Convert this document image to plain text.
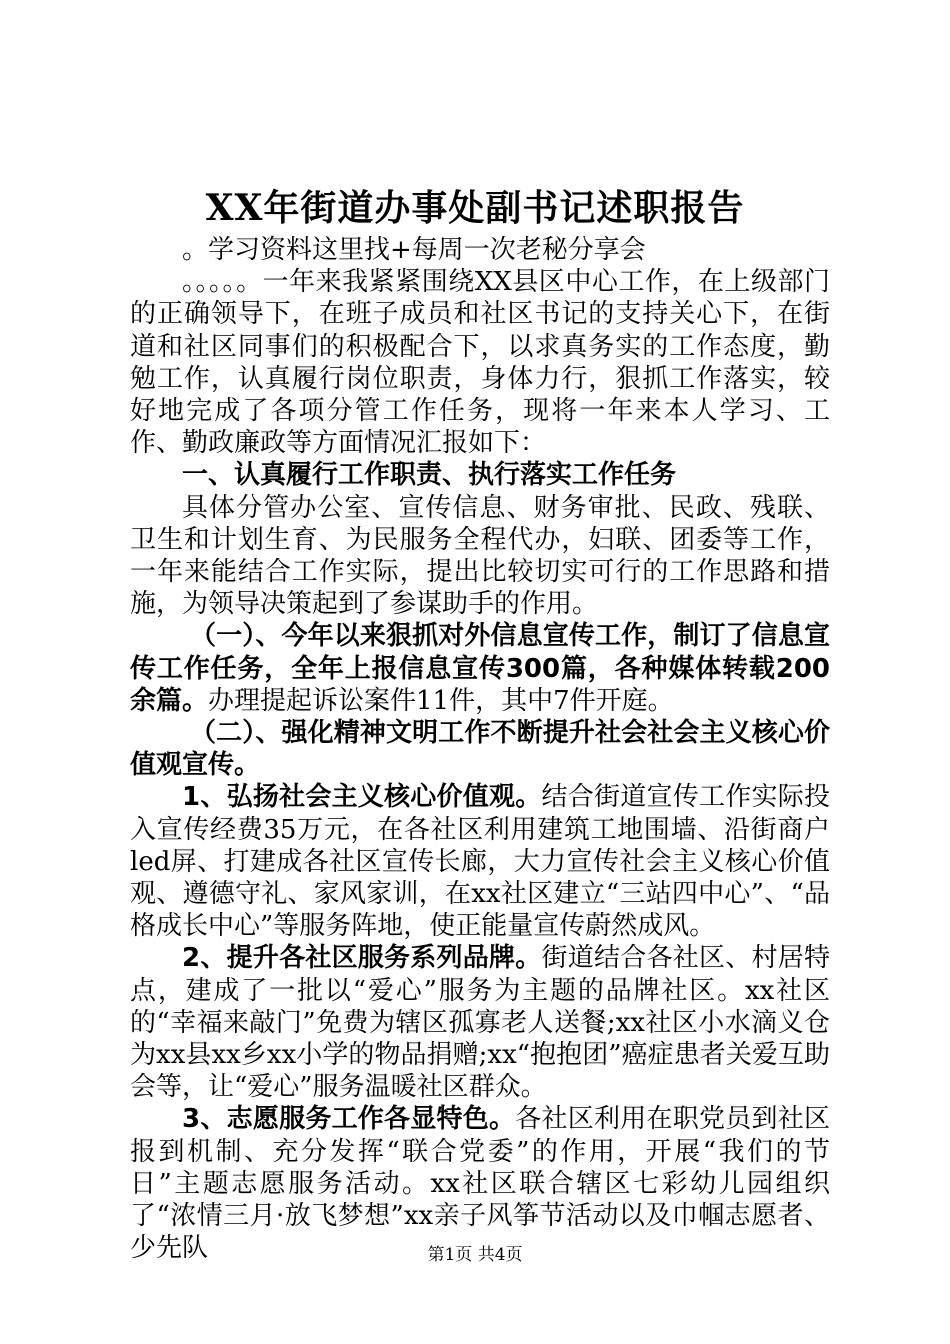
XX年街道办事处副书记述职报告

。学习资料这里找+每周一次老秘分享会

。。。。。一年来我紧紧围绕XX县区中心工作，在上级部门的正确领导下，在班子成员和社区书记的支持关心下，在街道和社区同事们的积极配合下，以求真务实的工作态度，勤勉工作，认真履行岗位职责，身体力行，狠抓工作落实，较好地完成了各项分管工作任务，现将一年来本人学习、工作、勤政廉政等方面情况汇报如下：

一、认真履行工作职责、执行落实工作任务

具体分管办公室、宣传信息、财务审批、民政、残联、卫生和计划生育、为民服务全程代办，妇联、团委等工作，一年来能结合工作实际，提出比较切实可行的工作思路和措施，为领导决策起到了参谋助手的作用。

（一）、今年以来狠抓对外信息宣传工作，制订了信息宣传工作任务，全年上报信息宣传300篇，各种媒体转载200余篇。办理提起诉讼案件11件，其中7件开庭。

（二）、强化精神文明工作不断提升社会社会主义核心价值观宣传。

1、弘扬社会主义核心价值观。结合街道宣传工作实际投入宣传经费35万元，在各社区利用建筑工地围墙、沿街商户led屏、打建成各社区宣传长廊，大力宣传社会主义核心价值观、遵德守礼、家风家训，在xx社区建立“三站四中心”、“品格成长中心”等服务阵地，使正能量宣传蔚然成风。

2、提升各社区服务系列品牌。街道结合各社区、村居特点，建成了一批以“爱心”服务为主题的品牌社区。xx社区的“幸福来敲门”免费为辖区孤寡老人送餐;xx社区小水滴义仓为xx县xx乡xx小学的物品捐赠;xx“抱抱团”癌症患者关爱互助会等，让“爱心”服务温暖社区群众。

3、志愿服务工作各显特色。各社区利用在职党员到社区报到机制、充分发挥“联合党委”的作用，开展“我们的节日”主题志愿服务活动。xx社区联合辖区七彩幼儿园组织了“浓情三月·放飞梦想”xx亲子风筝节活动以及巾帼志愿者、少先队	第1页 共4页
